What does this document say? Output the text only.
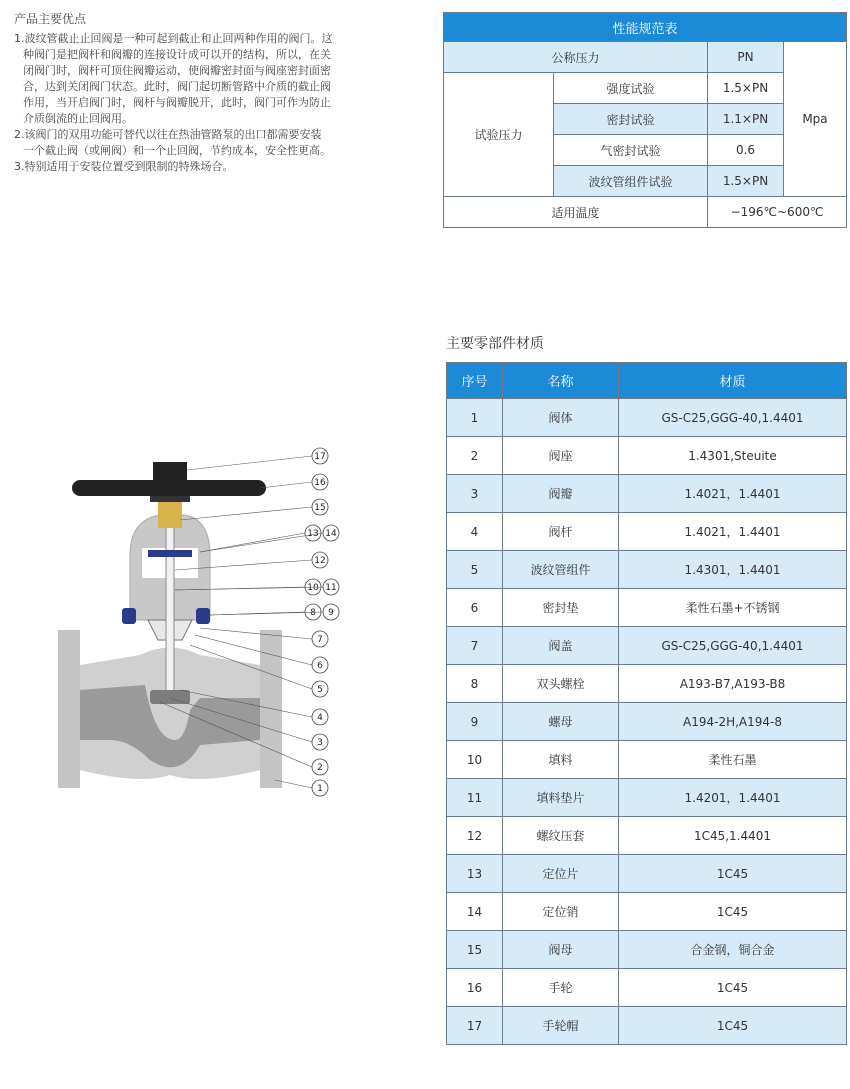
产品主要优点
1.波纹管截止止回阀是一种可起到截止和止回两种作用的阀门。这
种阀门是把阀杆和阀瓣的连接设计成可以开的结构，所以，在关
闭阀门时，阀杆可顶住阀瓣运动，使阀瓣密封面与阀座密封面密
合，达到关闭阀门状态。此时，阀门起切断管路中介质的截止阀
作用，当开启阀门时，阀杆与阀瓣脱开，此时，阀门可作为防止
介质倒流的止回阀用。
2.该阀门的双用功能可替代以往在热油管路泵的出口都需要安装
一个截止阀（或闸阀）和一个止回阀，节约成本，安全性更高。
3.特别适用于安装位置受到限制的特殊场合。
性能规范表			
公称压力		PN	Mpa
试验压力	强度试验	1.5×PN	
	密封试验	1.1×PN	
	气密封试验	0.6	
	波纹管组件试验	1.5×PN	
适用温度		−196℃~600℃	
主要零部件材质
序号	名称	材质
1	阀体	GS-C25,GGG-40,1.4401
2	阀座	1.4301,Steuite
3	阀瓣	1.4021，1.4401
4	阀杆	1.4021，1.4401
5	波纹管组件	1.4301，1.4401
6	密封垫	柔性石墨+不锈钢
7	阀盖	GS-C25,GGG-40,1.4401
8	双头螺栓	A193-B7,A193-B8
9	螺母	A194-2H,A194-8
10	填料	柔性石墨
11	填料垫片	1.4201，1.4401
12	螺纹压套	1C45,1.4401
13	定位片	1C45
14	定位销	1C45
15	阀母	合金钢，铜合金
16	手轮	1C45
17	手轮帽	1C45
17
16
15
13 14
12
10 11
8 9
7
6
5
4
3
2
1
